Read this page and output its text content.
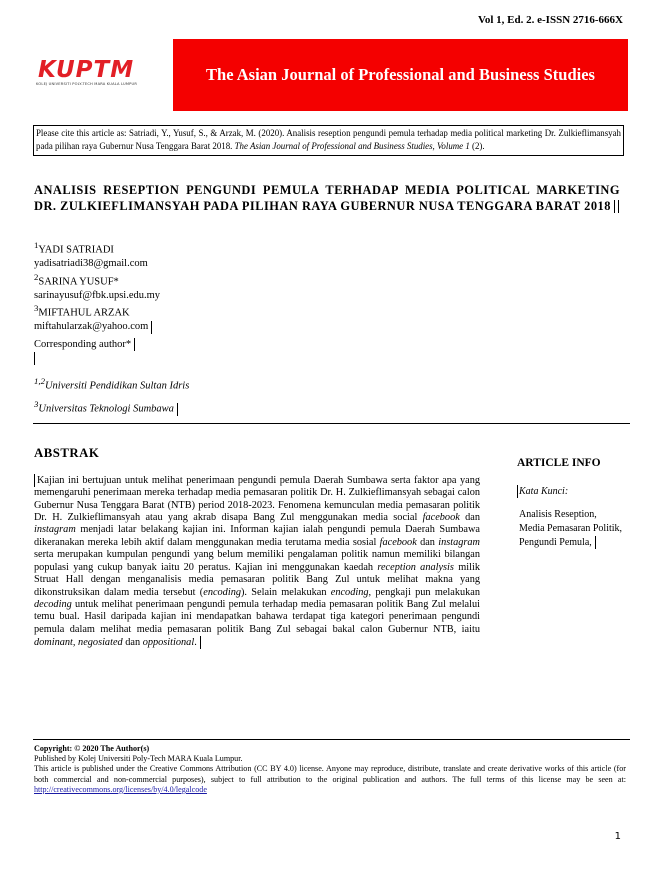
Vol 1, Ed. 2. e-ISSN 2716-666X
KUPTM
KOLEJ UNIVERSITI POLY-TECH MARA KUALA LUMPUR	The Asian Journal of Professional and Business Studies
Please cite this article as: Satriadi, Y., Yusuf, S., & Arzak, M. (2020). Analisis reseption pengundi pemula terhadap media political marketing Dr. Zulkieflimansyah pada pilihan raya Gubernur Nusa Tenggara Barat 2018. The Asian Journal of Professional and Business Studies, Volume 1 (2).
ANALISIS RESEPTION PENGUNDI PEMULA TERHADAP MEDIA POLITICAL MARKETING DR. ZULKIEFLIMANSYAH PADA PILIHAN RAYA GUBERNUR NUSA TENGGARA BARAT 2018
$^1$YADI SATRIADI
yadisatriadi38@gmail.com
$^2$SARINA YUSUF*
sarinayusuf@fbk.upsi.edu.my
$^3$MIFTAHUL ARZAK
miftahularzak@yahoo.com
Corresponding author*
$^{1,2}$Universiti Pendidikan Sultan Idris
$^3$Universitas Teknologi Sumbawa
ABSTRAK
Kajian ini bertujuan untuk melihat penerimaan pengundi pemula Daerah Sumbawa serta faktor apa yang memengaruhi penerimaan mereka terhadap media pemasaran politik Dr. H. Zulkieflimansyah sebagai calon Gubernur Nusa Tenggara Barat (NTB) period 2018-2023. Fenomena kemunculan media pemasaran politik Dr. H. Zulkieflimansyah atau yang akrab disapa Bang Zul menggunakan media social facebook dan instagram menjadi latar belakang kajian ini. Informan kajian ialah pengundi pemula Daerah Sumbawa dikeranakan mereka lebih aktif dalam menggunakan media terutama media sosial facebook dan instagram serta merupakan kumpulan pengundi yang belum memiliki pengalaman politik namun memiliki bilangan populasi yang cukup banyak iaitu 20 peratus. Kajian ini menggunakan kaedah reception analysis milik Struat Hall dengan menganalisis media pemasaran politik Bang Zul untuk melihat makna yang dikonstruksikan dalam media tersebut (encoding). Selain melakukan encoding, pengkaji pun melakukan decoding untuk melihat penerimaan pengundi pemula terhadap media pemasaran politik Bang Zul melalui temu bual. Hasil daripada kajian ini mendapatkan bahawa terdapat tiga kategori penerimaan pengundi pemula dalam melihat media pemasaran politik Bang Zul sebagai bakal calon Gubernur NTB, iaitu dominant, negosiated dan oppositional.
ARTICLE INFO
Kata Kunci:
Analisis Reseption,
Media Pemasaran Politik,
Pengundi Pemula,
Copyright: © 2020 The Author(s)
Published by Kolej Universiti Poly-Tech MARA Kuala Lumpur.
This article is published under the Creative Commons Attribution (CC BY 4.0) license. Anyone may reproduce, distribute, translate and create derivative works of this article (for both commercial and non-commercial purposes), subject to full attribution to the original publication and authors. The full terms of this license may be seen at: http://creativecommons.org/licenses/by/4.0/legalcode
1
